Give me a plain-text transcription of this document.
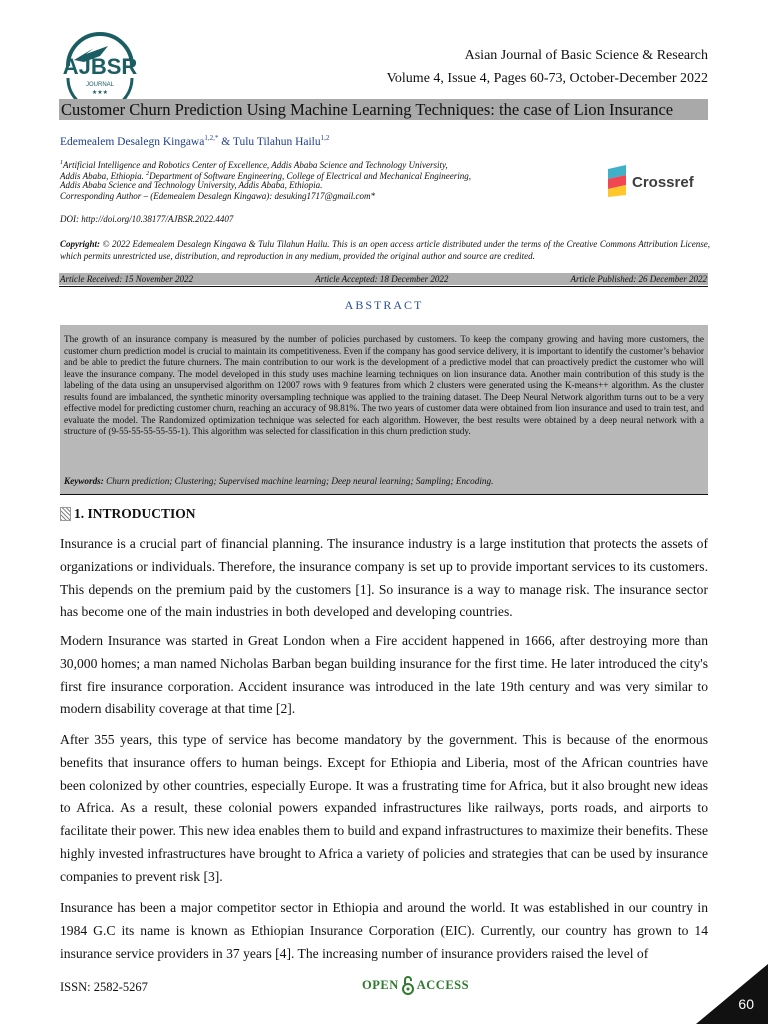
AJBSR
JOURNAL
★★★
Asian Journal of Basic Science & Research
Volume 4, Issue 4, Pages 60-73, October-December 2022
Customer Churn Prediction Using Machine Learning Techniques: the case of Lion Insurance
Edemealem Desalegn Kingawa$^{1,2,*}$ & Tulu Tilahun Hailu$^{1,2}$
$^1$Artificial Intelligence and Robotics Center of Excellence, Addis Ababa Science and Technology University,
Addis Ababa, Ethiopia. $^2$Department of Software Engineering, College of Electrical and Mechanical Engineering,
Addis Ababa Science and Technology University, Addis Ababa, Ethiopia.
Corresponding Author – (Edemealem Desalegn Kingawa): desuking1717@gmail.com*
Crossref
DOI: http://doi.org/10.38177/AJBSR.2022.4407
Copyright: © 2022 Edemealem Desalegn Kingawa & Tulu Tilahun Hailu. This is an open access article distributed under the terms of the Creative Commons Attribution License, which permits unrestricted use, distribution, and reproduction in any medium, provided the original author and source are credited.
Article Received: 15 November 2022	Article Accepted: 18 December 2022	Article Published: 26 December 2022
ABSTRACT
The growth of an insurance company is measured by the number of policies purchased by customers. To keep the company growing and having more customers, the customer churn prediction model is crucial to maintain its competitiveness. Even if the company has good service delivery, it is important to identify the customer’s behavior and be able to predict the future churners. The main contribution to our work is the development of a predictive model that can proactively predict the customer who will leave the insurance company. The model developed in this study uses machine learning techniques on lion insurance data. Another main contribution of this study is the labeling of the data using an unsupervised algorithm on 12007 rows with 9 features from which 2 clusters were generated using the K-means++ algorithm. As the cluster results found are imbalanced, the synthetic minority oversampling technique was applied to the training dataset. The Deep Neural Network algorithm turns out to be a very effective model for predicting customer churn, reaching an accuracy of 98.81%. The two years of customer data were obtained from lion insurance and used to train test, and evaluate the model. The Randomized optimization technique was selected for each algorithm. However, the best results were obtained by a deep neural network with a structure of (9-55-55-55-55-55-1). This algorithm was selected for classification in this churn prediction study.
Keywords: Churn prediction; Clustering; Supervised machine learning; Deep neural learning; Sampling; Encoding.
1. INTRODUCTION
Insurance is a crucial part of financial planning. The insurance industry is a large institution that protects the assets of organizations or individuals. Therefore, the insurance company is set up to provide important services to its customers. This depends on the premium paid by the customers [1]. So insurance is a way to manage risk. The insurance sector has become one of the main industries in both developed and developing countries.
Modern Insurance was started in Great London when a Fire accident happened in 1666, after destroying more than 30,000 homes; a man named Nicholas Barban began building insurance for the first time. He later introduced the city's first fire insurance corporation. Accident insurance was introduced in the late 19th century and was very similar to modern disability coverage at that time [2].
After 355 years, this type of service has become mandatory by the government. This is because of the enormous benefits that insurance offers to human beings. Except for Ethiopia and Liberia, most of the African countries have been colonized by other countries, especially Europe. It was a frustrating time for Africa, but it also brought new ideas to Africa. As a result, these colonial powers expanded infrastructures like railways, ports roads, and airports to facilitate their power. This new idea enables them to build and expand infrastructures to maximize their benefits. These highly invested infrastructures have brought to Africa a variety of policies and strategies that can be used by insurance companies to prevent risk [3].
Insurance has been a major competitor sector in Ethiopia and around the world. It was established in our country in 1984 G.C its name is known as Ethiopian Insurance Corporation (EIC). Currently, our country has grown to 14 insurance service providers in 37 years [4]. The increasing number of insurance providers raised the level of
ISSN: 2582-5267	OPEN ACCESS
60
